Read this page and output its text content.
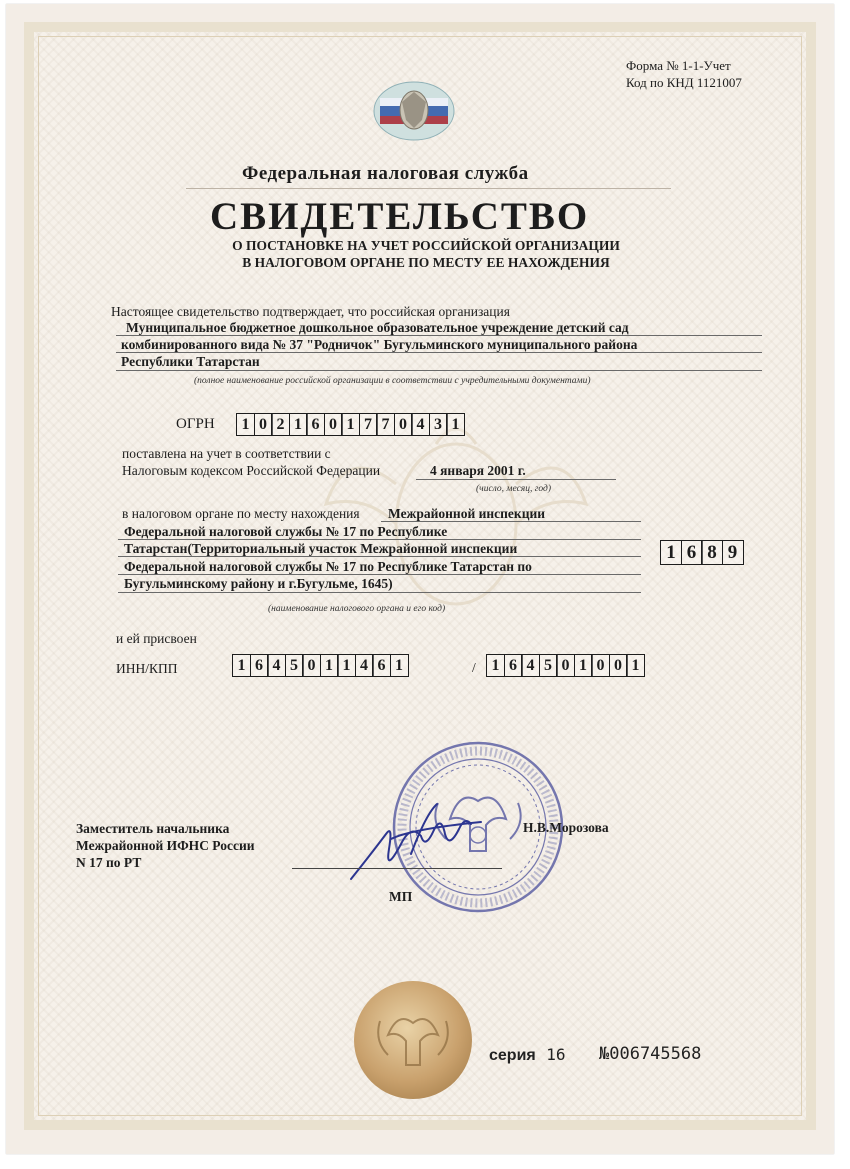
Форма № 1-1-Учет
Код по КНД 1121007
Федеральная налоговая служба
СВИДЕТЕЛЬСТВО
О ПОСТАНОВКЕ НА УЧЕТ РОССИЙСКОЙ ОРГАНИЗАЦИИ
В НАЛОГОВОМ ОРГАНЕ ПО МЕСТУ ЕЕ НАХОЖДЕНИЯ
Настоящее свидетельство подтверждает, что российская организация
Муниципальное бюджетное дошкольное образовательное учреждение детский сад
комбинированного вида № 37 "Родничок" Бугульминского муниципального района
Республики Татарстан
(полное наименование российской организации в соответствии с учредительными документами)
ОГРН	1 0 2 1 6 0 1 7 7 0 4 3 1
поставлена на учет в соответствии с
Налоговым кодексом Российской Федерации	4 января 2001 г.
(число, месяц, год)
в налоговом органе по месту нахождения Межрайонной инспекции
Федеральной налоговой службы № 17 по Республике
Татарстан(Территориальный участок Межрайонной инспекции
Федеральной налоговой службы № 17 по Республике Татарстан по
Бугульминскому району и г.Бугульме, 1645)
1 6 8 9
(наименование налогового органа и его код)
и ей присвоен
ИНН/КПП	1 6 4 5 0 1 1 4 6 1	/ 1 6 4 5 0 1 0 0 1
Заместитель начальника
Межрайонной ИФНС России
N 17 по РТ
Н.В.Морозова
МП
серия 16 №006745568
